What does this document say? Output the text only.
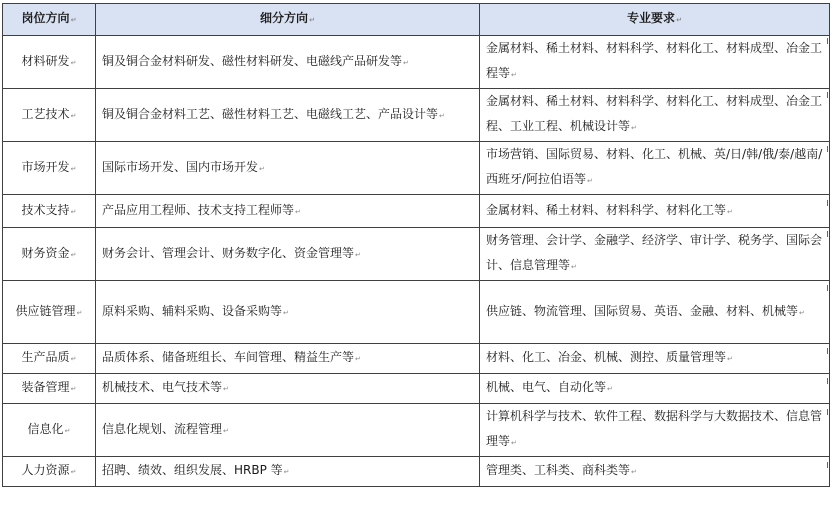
岗位方向 ↵	细分方向 ↵	专业要求 ↵
材料研发 ↵	铜及铜合金材料研发、磁性材料研发、电磁线产品研发等 ↵	金属材料、稀土材料、材料科学、材料化工、材料成型、冶金工程等 ↵
工艺技术 ↵	铜及铜合金材料工艺、磁性材料工艺、电磁线工艺、产品设计等 ↵	金属材料、稀土材料、材料科学、材料化工、材料成型、冶金工程、工业工程、机械设计等 ↵
市场开发 ↵	国际市场开发、国内市场开发 ↵	市场营销、国际贸易、材料、化工、机械、英/日/韩/俄/泰/越南/西班牙/阿拉伯语等 ↵
技术支持 ↵	产品应用工程师、技术支持工程师等 ↵	金属材料、稀土材料、材料科学、材料化工等 ↵
财务资金 ↵	财务会计、管理会计、财务数字化、资金管理等 ↵	财务管理、会计学、金融学、经济学、审计学、税务学、国际会计、信息管理等 ↵
供应链管理 ↵	原料采购、辅料采购、设备采购等 ↵	供应链、物流管理、国际贸易、英语、金融、材料、机械等 ↵
生产品质 ↵	品质体系、储备班组长、车间管理、精益生产等 ↵	材料、化工、冶金、机械、测控、质量管理等 ↵
装备管理 ↵	机械技术、电气技术等 ↵	机械、电气、自动化等 ↵
信息化 ↵	信息化规划、流程管理 ↵	计算机科学与技术、软件工程、数据科学与大数据技术、信息管理等 ↵
人力资源 ↵	招聘、绩效、组织发展、HRBP 等 ↵	管理类、工科类、商科类等 ↵
